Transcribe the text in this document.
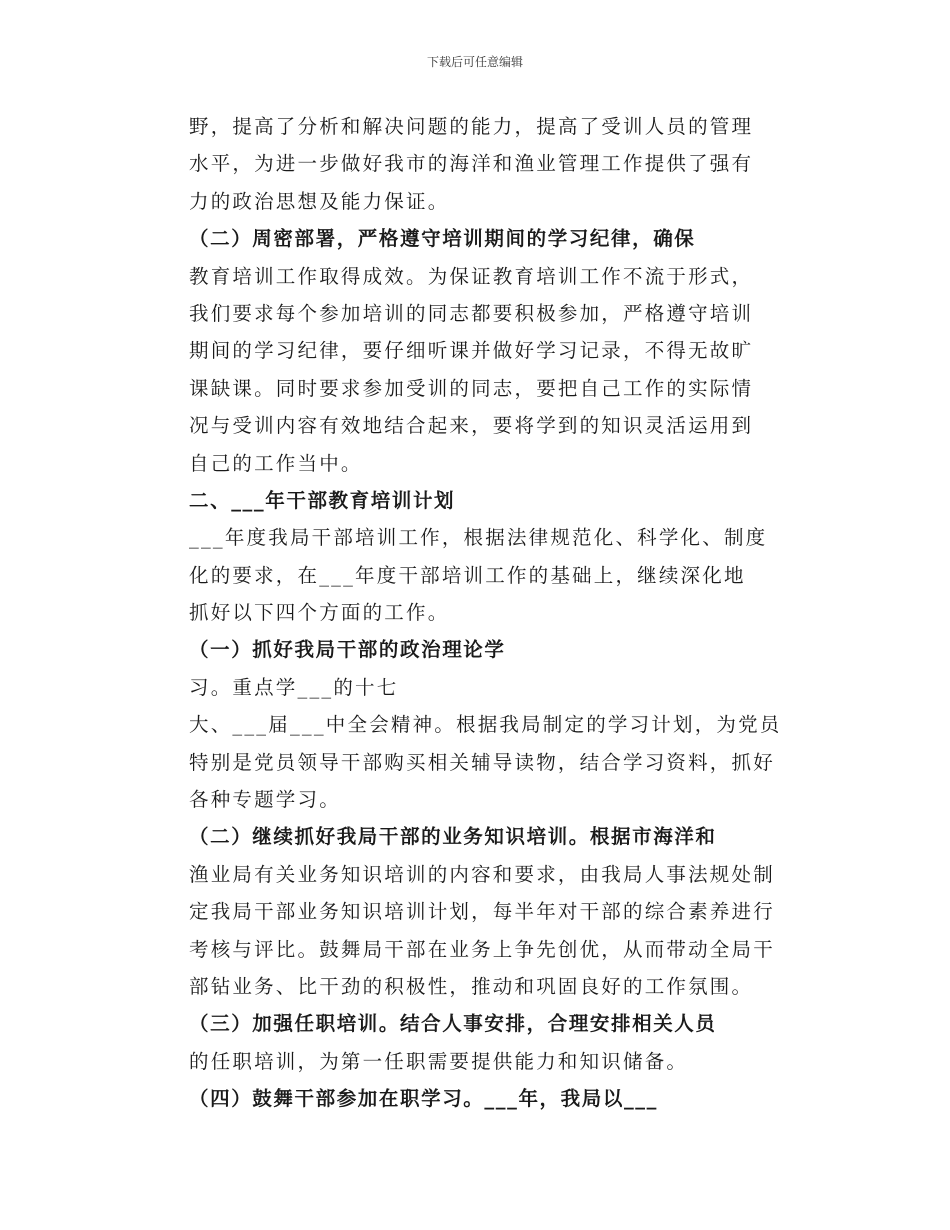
下载后可任意编辑
野，提高了分析和解决问题的能力，提高了受训人员的管理
水平，为进一步做好我市的海洋和渔业管理工作提供了强有
力的政治思想及能力保证。
（二）周密部署，严格遵守培训期间的学习纪律，确保
教育培训工作取得成效。为保证教育培训工作不流于形式，
我们要求每个参加培训的同志都要积极参加，严格遵守培训
期间的学习纪律，要仔细听课并做好学习记录，不得无故旷
课缺课。同时要求参加受训的同志，要把自己工作的实际情
况与受训内容有效地结合起来，要将学到的知识灵活运用到
自己的工作当中。
二、___年干部教育培训计划
___年度我局干部培训工作，根据法律规范化、科学化、制度
化的要求，在___年度干部培训工作的基础上，继续深化地
抓好以下四个方面的工作。
（一）抓好我局干部的政治理论学
习。重点学___的十七
大、___届___中全会精神。根据我局制定的学习计划，为党员
特别是党员领导干部购买相关辅导读物，结合学习资料，抓好
各种专题学习。
（二）继续抓好我局干部的业务知识培训。根据市海洋和
渔业局有关业务知识培训的内容和要求，由我局人事法规处制
定我局干部业务知识培训计划，每半年对干部的综合素养进行
考核与评比。鼓舞局干部在业务上争先创优，从而带动全局干
部钻业务、比干劲的积极性，推动和巩固良好的工作氛围。
（三）加强任职培训。结合人事安排，合理安排相关人员
的任职培训，为第一任职需要提供能力和知识储备。
（四）鼓舞干部参加在职学习。___年，我局以___
